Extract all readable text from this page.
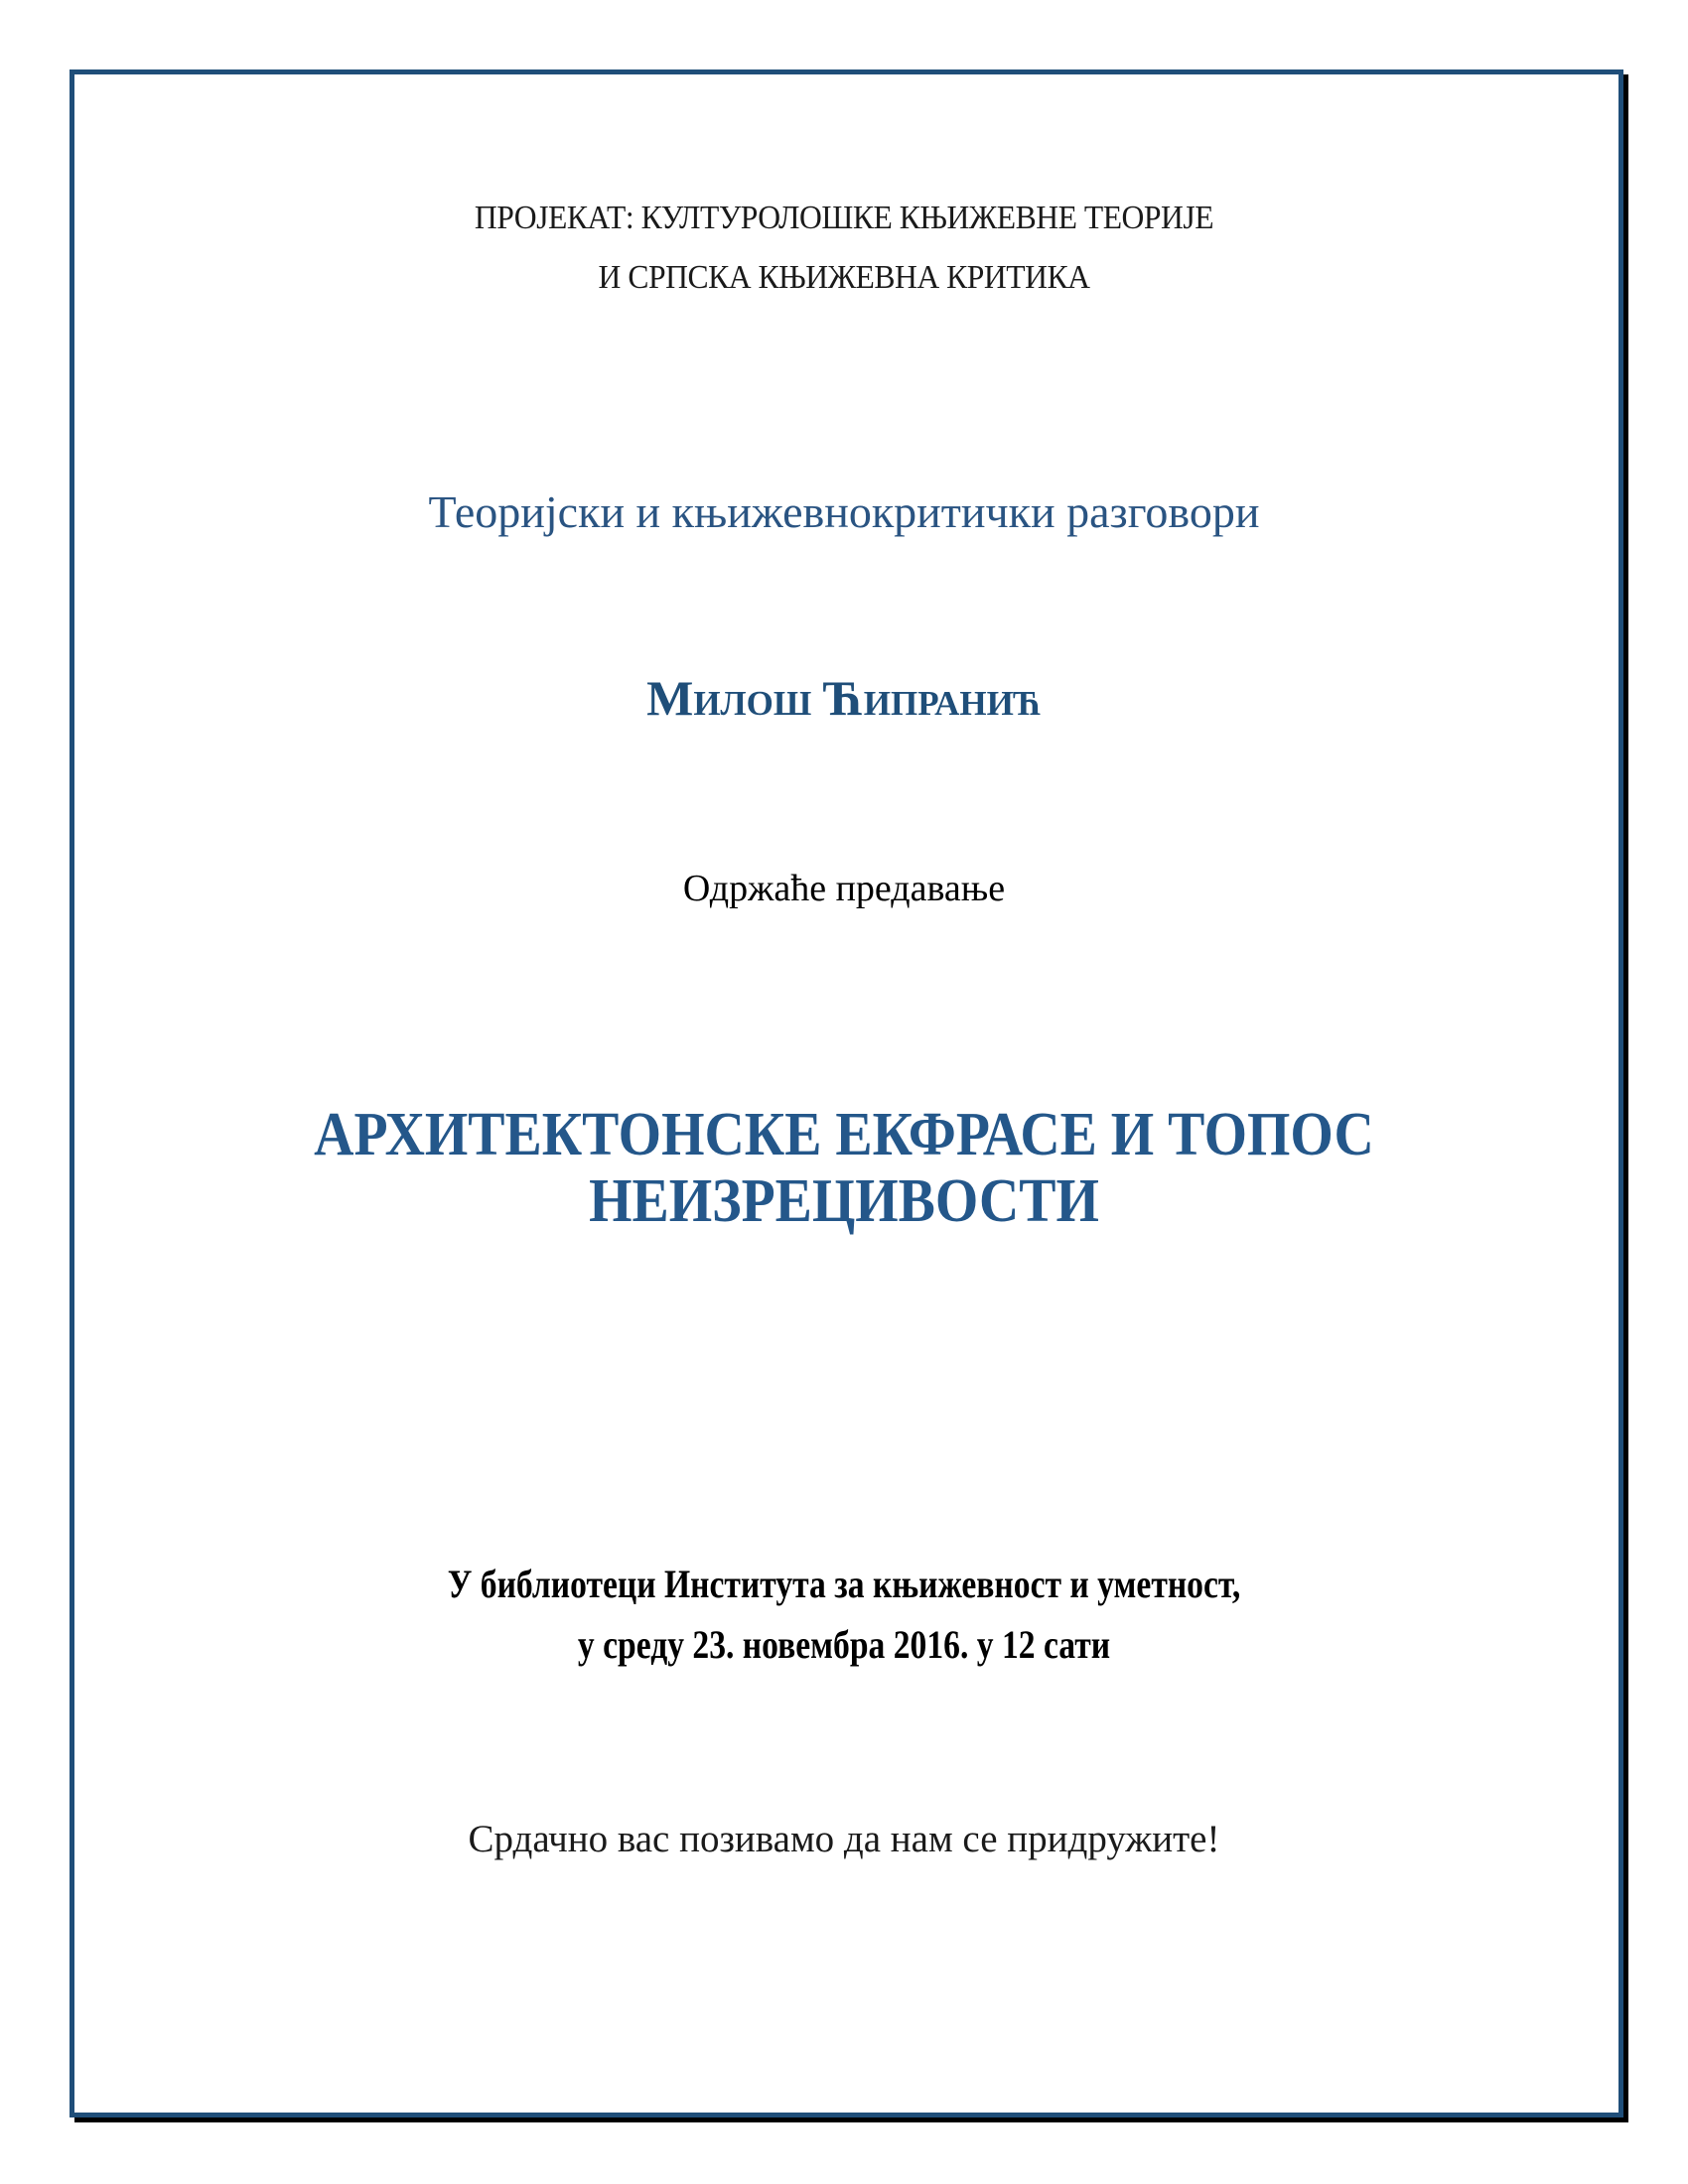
ПРОЈЕКАТ: КУЛТУРОЛОШКЕ КЊИЖЕВНЕ ТЕОРИЈЕ
И СРПСКА КЊИЖЕВНА КРИТИКА
Теоријски и књижевнокритички разговори
Милош Ћипранић
Одржаће предавање
АРХИТЕКТОНСКЕ ЕКФРАСЕ И ТОПОС
НЕИЗРЕЦИВОСТИ
У библиотеци Института за књижевност и уметност,
у среду 23. новембра 2016. у 12 сати
Срдачно вас позивамо да нам се придружите!
